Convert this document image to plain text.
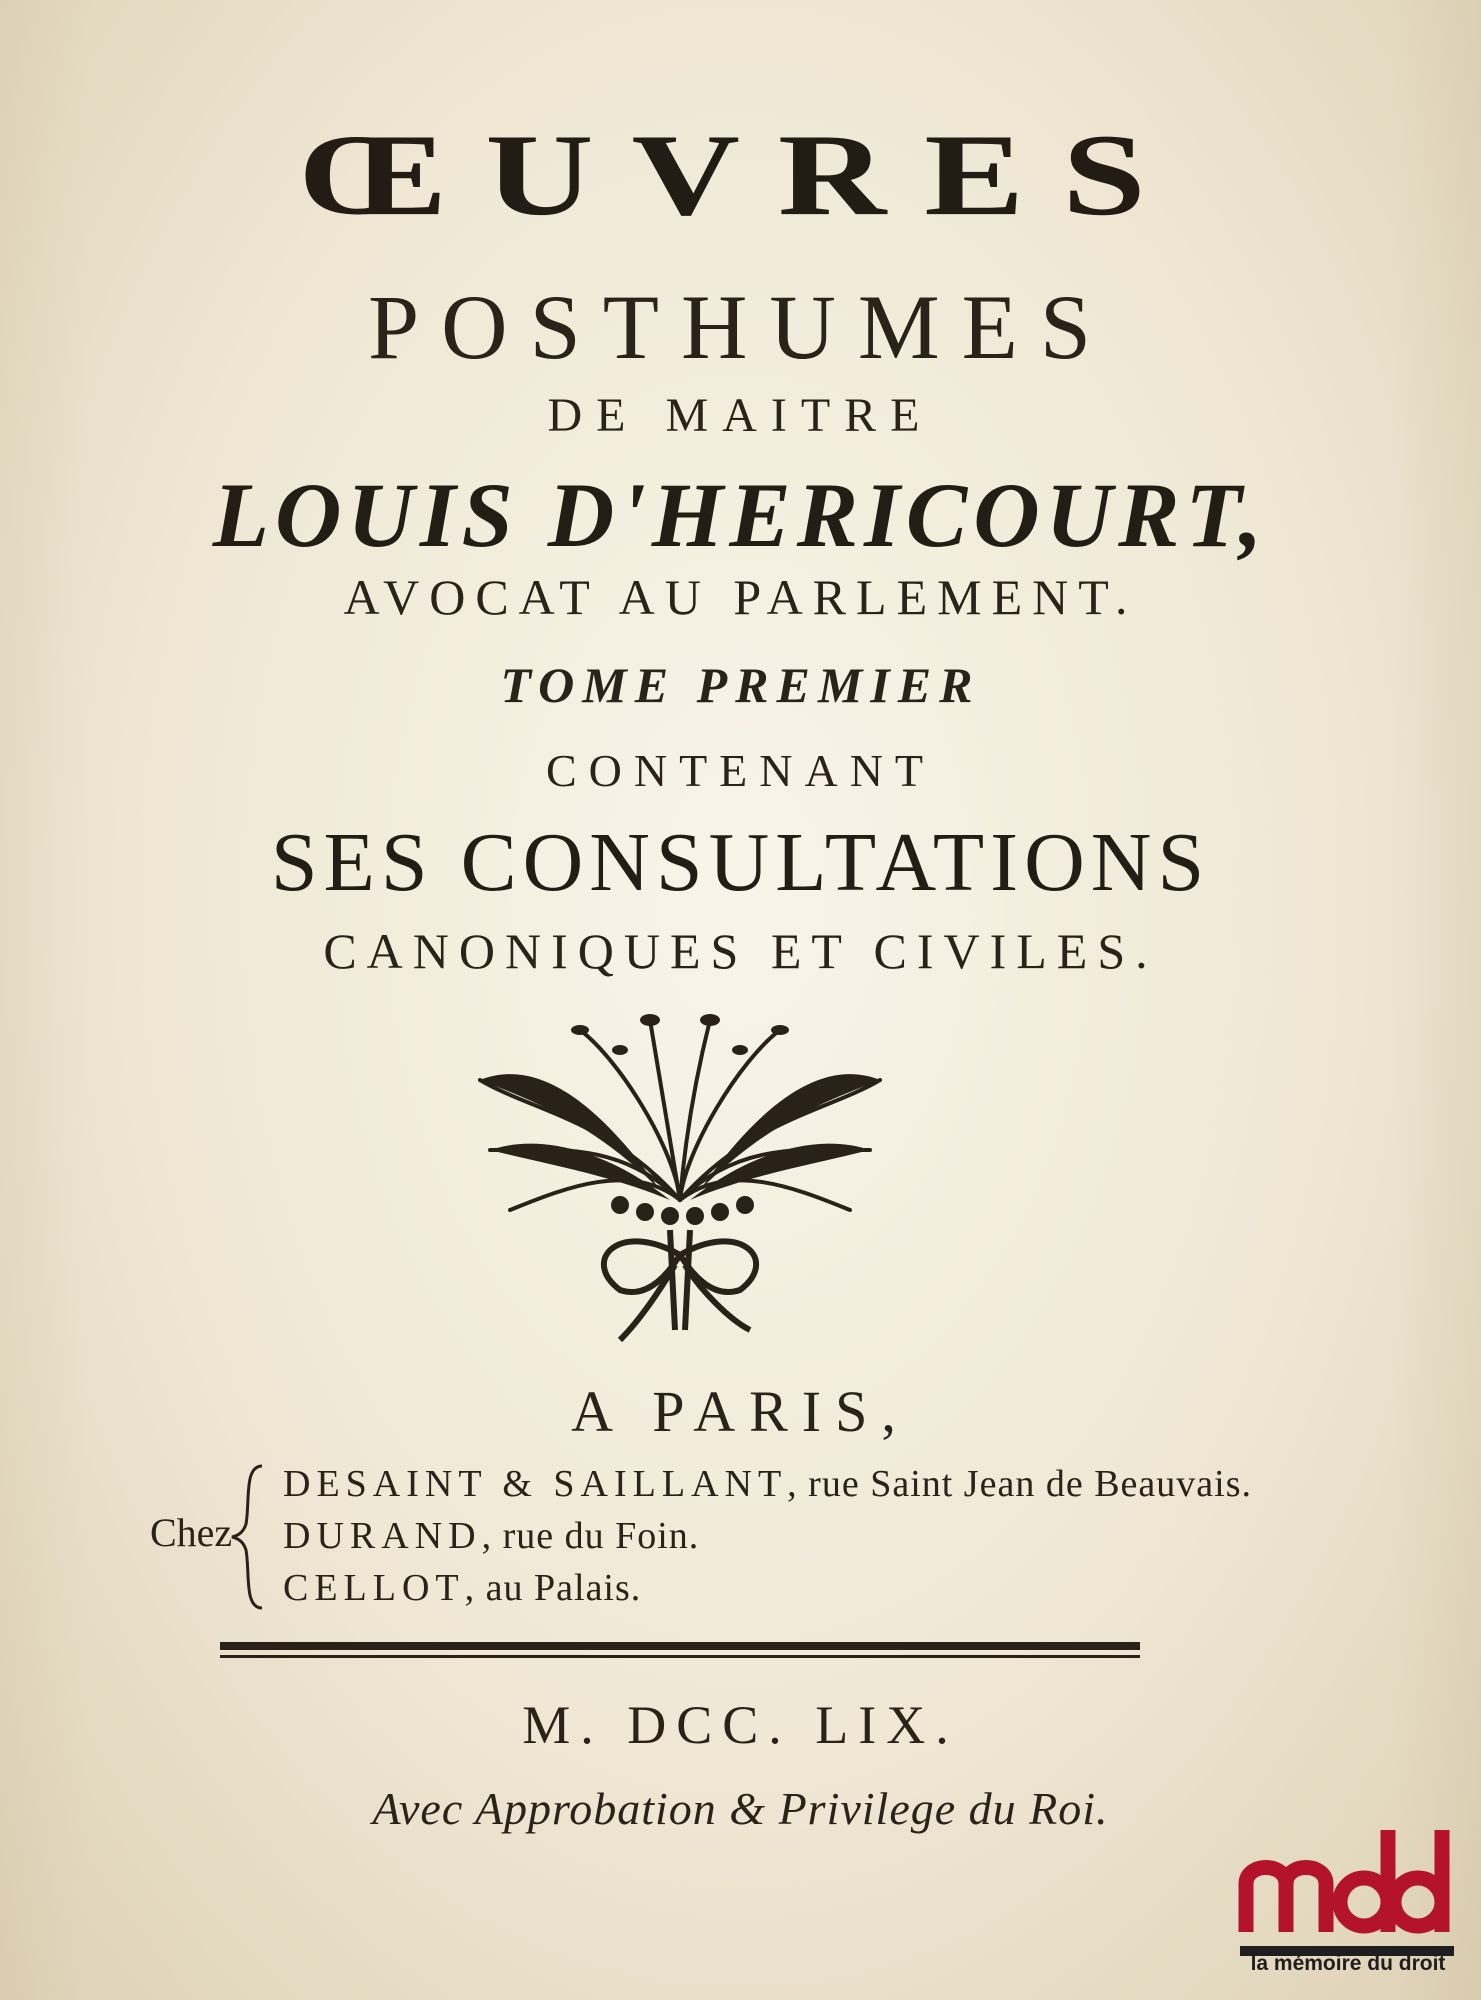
ŒUVRES
POSTHUMES
DE MAITRE
LOUIS D'HERICOURT,
AVOCAT AU PARLEMENT.
TOME PREMIER
CONTENANT
SES CONSULTATIONS
CANONIQUES ET CIVILES.
A PARIS,
Chez
DESAINT & SAILLANT, rue Saint Jean de Beauvais.
DURAND, rue du Foin.
CELLOT, au Palais.
M. DCC. LIX.
Avec Approbation & Privilege du Roi.
la mémoire du droit
